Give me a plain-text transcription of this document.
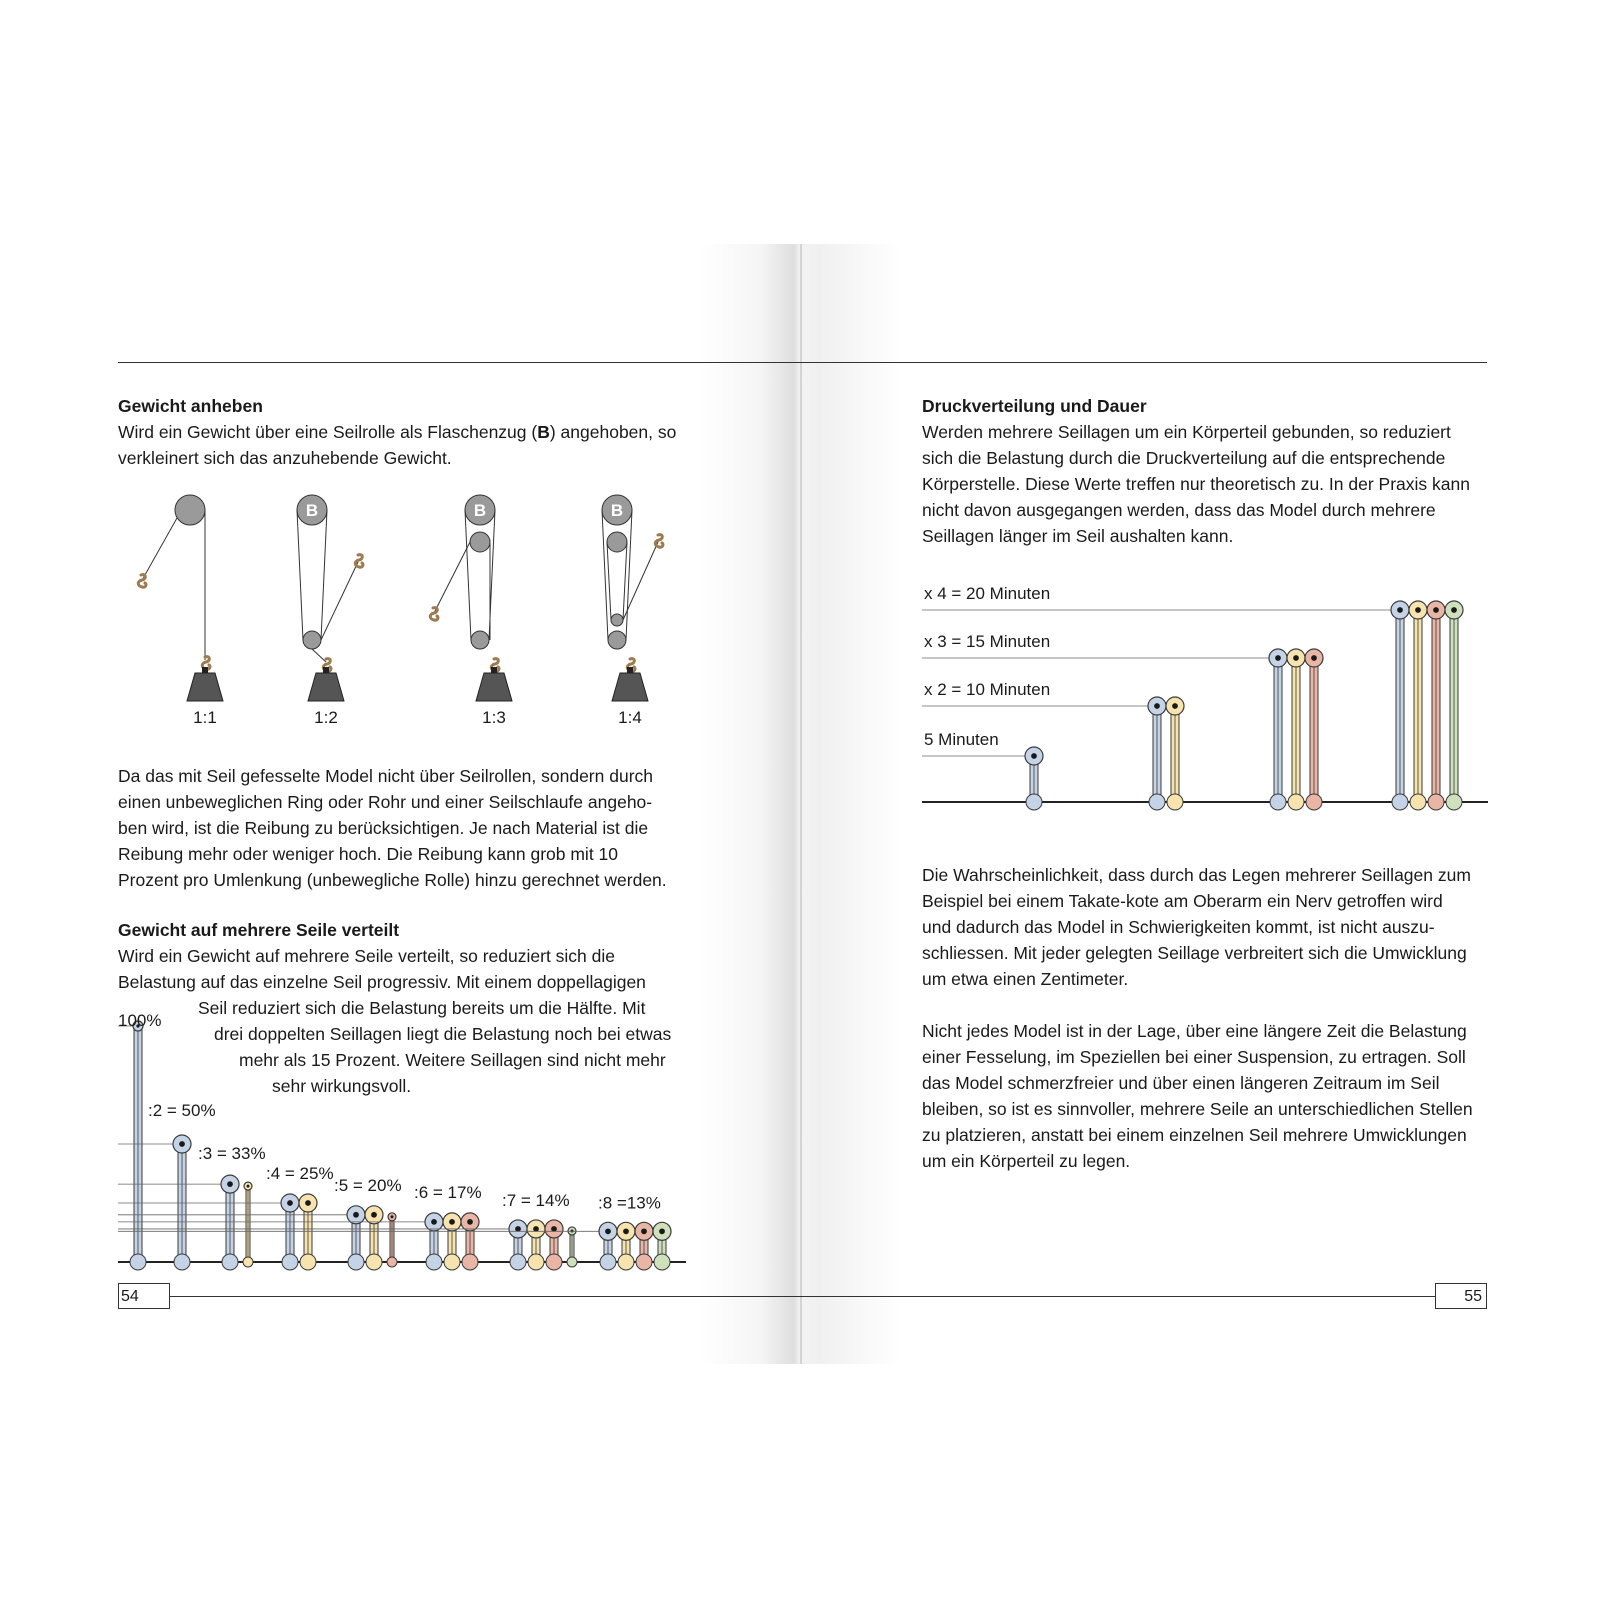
Gewicht anheben

Wird ein Gewicht über eine Seilrolle als Flaschenzug (B) angehoben, so

verkleinert sich das anzuhebende Gewicht.

1:1
B
1:2
B
1:3
B
1:4

Da das mit Seil gefesselte Model nicht über Seilrollen, sondern durch

einen unbeweglichen Ring oder Rohr und einer Seilschlaufe angeho-

ben wird, ist die Reibung zu berücksichtigen. Je nach Material ist die

Reibung mehr oder weniger hoch. Die Reibung kann grob mit 10

Prozent pro Umlenkung (unbewegliche Rolle) hinzu gerechnet werden.

Gewicht auf mehrere Seile verteilt
Wird ein Gewicht auf mehrere Seile verteilt, so reduziert sich die
Belastung auf das einzelne Seil progressiv. Mit einem doppellagigen
Seil reduziert sich die Belastung bereits um die Hälfte. Mit
drei doppelten Seillagen liegt die Belastung noch bei etwas
mehr als 15 Prozent. Weitere Seillagen sind nicht mehr
sehr wirkungsvoll.
100%
:2 = 50%
:3 = 33%
:4 = 25%
:5 = 20% :6 = 17% :7 = 14% :8 =13%
54

Druckverteilung und Dauer

Werden mehrere Seillagen um ein Körperteil gebunden, so reduziert

sich die Belastung durch die Druckverteilung auf die entsprechende

Körperstelle. Diese Werte treffen nur theoretisch zu. In der Praxis kann

nicht davon ausgegangen werden, dass das Model durch mehrere

Seillagen länger im Seil aushalten kann.

5 Minuten
x 2 = 10 Minuten
x 3 = 15 Minuten
x 4 = 20 Minuten

Die Wahrscheinlichkeit, dass durch das Legen mehrerer Seillagen zum

Beispiel bei einem Takate-kote am Oberarm ein Nerv getroffen wird

und dadurch das Model in Schwierigkeiten kommt, ist nicht auszu-

schliessen. Mit jeder gelegten Seillage verbreitert sich die Umwicklung

um etwa einen Zentimeter.

Nicht jedes Model ist in der Lage, über eine längere Zeit die Belastung

einer Fesselung, im Speziellen bei einer Suspension, zu ertragen. Soll

das Model schmerzfreier und über einen längeren Zeitraum im Seil

bleiben, so ist es sinnvoller, mehrere Seile an unterschiedlichen Stellen

zu platzieren, anstatt bei einem einzelnen Seil mehrere Umwicklungen

um ein Körperteil zu legen.

55
